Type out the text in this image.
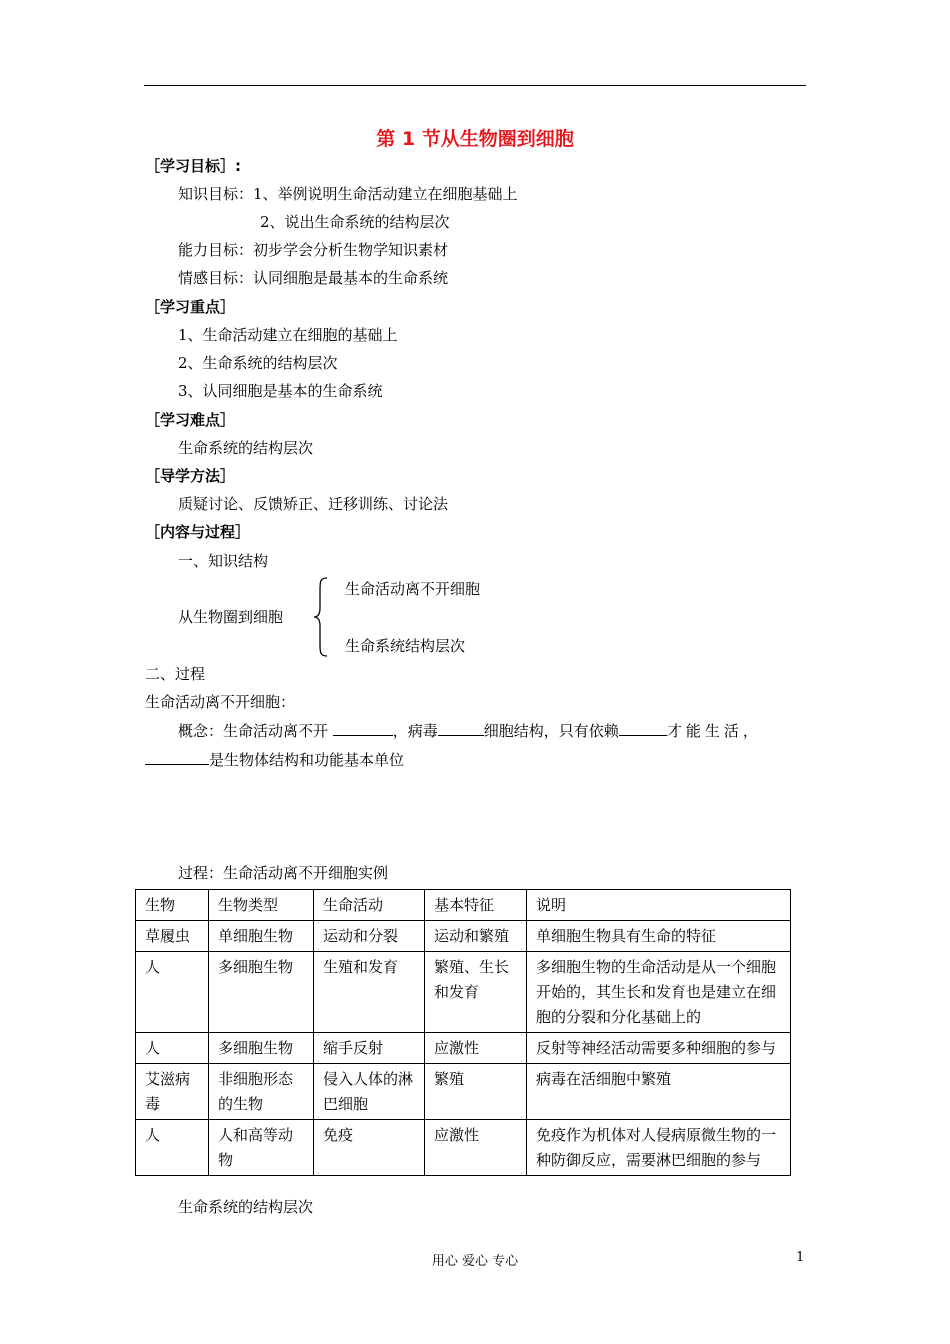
第 1 节从生物圈到细胞
［学习目标］:
知识目标：1、举例说明生命活动建立在细胞基础上
2、说出生命系统的结构层次
能力目标：初步学会分析生物学知识素材
情感目标：认同细胞是最基本的生命系统
［学习重点］
1、生命活动建立在细胞的基础上
2、生命系统的结构层次
3、认同细胞是基本的生命系统
［学习难点］
生命系统的结构层次
［导学方法］
质疑讨论、反馈矫正、迁移训练、讨论法
［内容与过程］
一、知识结构
从生物圈到细胞
生命活动离不开细胞
生命系统结构层次
二、过程
生命活动离不开细胞：
概念：生命活动离不开	，病毒	细胞结构，只有依赖	才能生活，
是生物体结构和功能基本单位
过程：生命活动离不开细胞实例
生物	生物类型	生命活动	基本特征	说明
草履虫	单细胞生物	运动和分裂	运动和繁殖	单细胞生物具有生命的特征
人	多细胞生物	生殖和发育	繁殖、生长和发育	多细胞生物的生命活动是从一个细胞开始的，其生长和发育也是建立在细胞的分裂和分化基础上的
人	多细胞生物	缩手反射	应激性	反射等神经活动需要多种细胞的参与
艾滋病毒	非细胞形态的生物	侵入人体的淋巴细胞	繁殖	病毒在活细胞中繁殖
人	人和高等动物	免疫	应激性	免疫作为机体对人侵病原微生物的一种防御反应，需要淋巴细胞的参与
生命系统的结构层次
用心 爱心 专心	1
